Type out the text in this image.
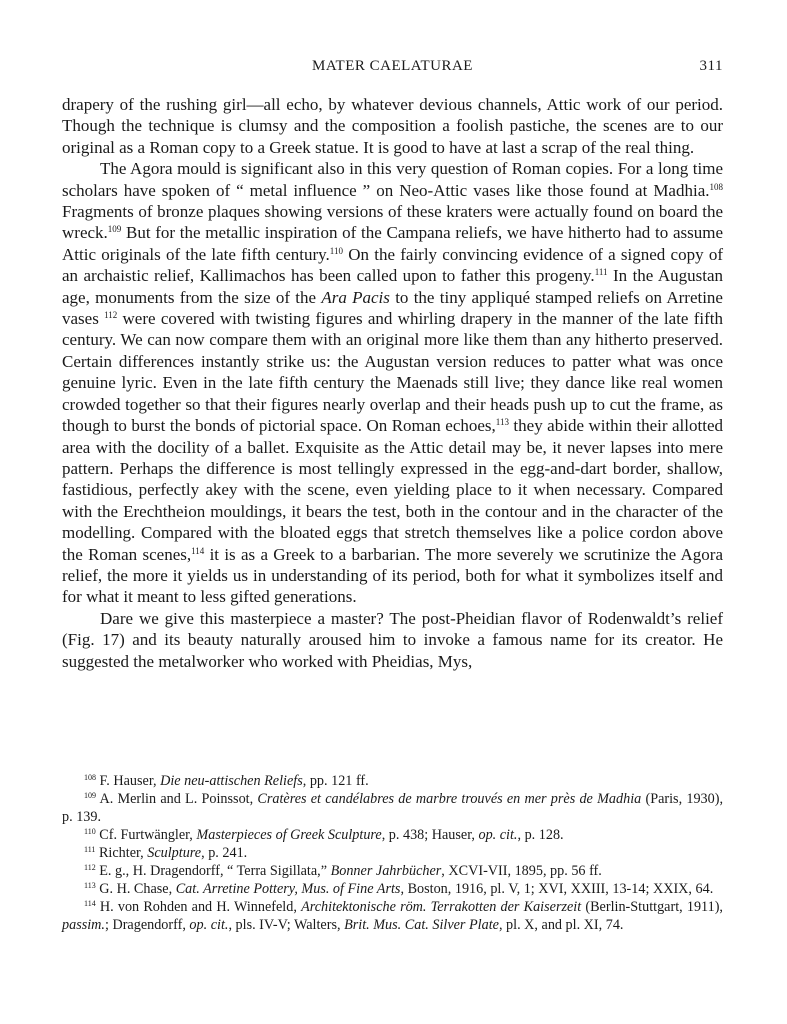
MATER CAELATURAE	311

drapery of the rushing girl—all echo, by whatever devious channels, Attic work of our period. Though the technique is clumsy and the composition a foolish pastiche, the scenes are to our original as a Roman copy to a Greek statue. It is good to have at last a scrap of the real thing.

The Agora mould is significant also in this very question of Roman copies. For a long time scholars have spoken of “ metal influence ” on Neo-Attic vases like those found at Madhia.$^{108}$ Fragments of bronze plaques showing versions of these kraters were actually found on board the wreck.$^{109}$ But for the metallic inspiration of the Campana reliefs, we have hitherto had to assume Attic originals of the late fifth century.$^{110}$ On the fairly convincing evidence of a signed copy of an archaistic relief, Kallimachos has been called upon to father this progeny.$^{111}$ In the Augustan age, monuments from the size of the Ara Pacis to the tiny appliqué stamped reliefs on Arretine vases $^{112}$ were covered with twisting figures and whirling drapery in the manner of the late fifth century. We can now compare them with an original more like them than any hitherto preserved. Certain differences instantly strike us: the Augustan version reduces to patter what was once genuine lyric. Even in the late fifth century the Maenads still live; they dance like real women crowded together so that their figures nearly overlap and their heads push up to cut the frame, as though to burst the bonds of pictorial space. On Roman echoes,$^{113}$ they abide within their allotted area with the docility of a ballet. Exquisite as the Attic detail may be, it never lapses into mere pattern. Perhaps the difference is most tellingly expressed in the egg-and-dart border, shallow, fastidious, perfectly akey with the scene, even yielding place to it when necessary. Compared with the Erechtheion mouldings, it bears the test, both in the contour and in the character of the modelling. Compared with the bloated eggs that stretch themselves like a police cordon above the Roman scenes,$^{114}$ it is as a Greek to a barbarian. The more severely we scrutinize the Agora relief, the more it yields us in understanding of its period, both for what it symbolizes itself and for what it meant to less gifted generations.

Dare we give this masterpiece a master? The post-Pheidian flavor of Rodenwaldt’s relief (Fig. 17) and its beauty naturally aroused him to invoke a famous name for its creator. He suggested the metalworker who worked with Pheidias, Mys,

$^{108}$ F. Hauser, Die neu-attischen Reliefs, pp. 121 ff.

$^{109}$ A. Merlin and L. Poinssot, Cratères et candélabres de marbre trouvés en mer près de Madhia (Paris, 1930), p. 139.

$^{110}$ Cf. Furtwängler, Masterpieces of Greek Sculpture, p. 438; Hauser, op. cit., p. 128.

$^{111}$ Richter, Sculpture, p. 241.

$^{112}$ E. g., H. Dragendorff, “ Terra Sigillata,” Bonner Jahrbücher, XCVI-VII, 1895, pp. 56 ff.

$^{113}$ G. H. Chase, Cat. Arretine Pottery, Mus. of Fine Arts, Boston, 1916, pl. V, 1; XVI, XXIII, 13-14; XXIX, 64.

$^{114}$ H. von Rohden and H. Winnefeld, Architektonische röm. Terrakotten der Kaiserzeit (Berlin-Stuttgart, 1911), passim.; Dragendorff, op. cit., pls. IV-V; Walters, Brit. Mus. Cat. Silver Plate, pl. X, and pl. XI, 74.
